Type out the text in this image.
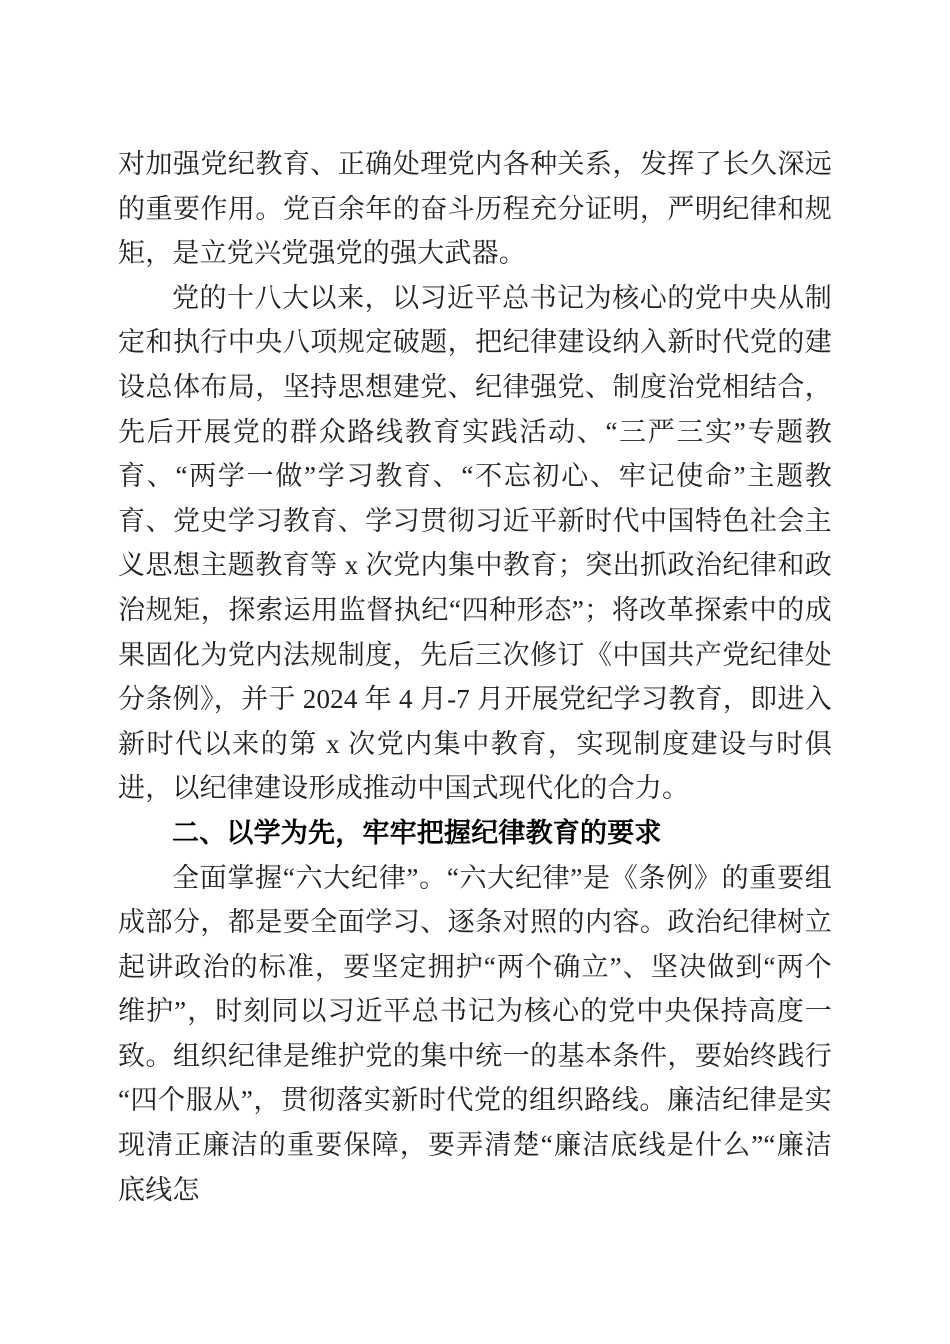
对加强党纪教育、正确处理党内各种关系，发挥了长久深远的重要作用。党百余年的奋斗历程充分证明，严明纪律和规矩，是立党兴党强党的强大武器。

党的十八大以来，以习近平总书记为核心的党中央从制定和执行中央八项规定破题，把纪律建设纳入新时代党的建设总体布局，坚持思想建党、纪律强党、制度治党相结合，先后开展党的群众路线教育实践活动、“三严三实”专题教育、“两学一做”学习教育、“不忘初心、牢记使命”主题教育、党史学习教育、学习贯彻习近平新时代中国特色社会主义思想主题教育等 x 次党内集中教育；突出抓政治纪律和政治规矩，探索运用监督执纪“四种形态”；将改革探索中的成果固化为党内法规制度，先后三次修订《中国共产党纪律处分条例》，并于 2024 年 4 月-7 月开展党纪学习教育，即进入新时代以来的第 x 次党内集中教育，实现制度建设与时俱进，以纪律建设形成推动中国式现代化的合力。

二、以学为先，牢牢把握纪律教育的要求

全面掌握“六大纪律”。“六大纪律”是《条例》的重要组成部分，都是要全面学习、逐条对照的内容。政治纪律树立起讲政治的标准，要坚定拥护“两个确立”、坚决做到“两个维护”，时刻同以习近平总书记为核心的党中央保持高度一致。组织纪律是维护党的集中统一的基本条件，要始终践行“四个服从”，贯彻落实新时代党的组织路线。廉洁纪律是实现清正廉洁的重要保障，要弄清楚“廉洁底线是什么”“廉洁底线怎
